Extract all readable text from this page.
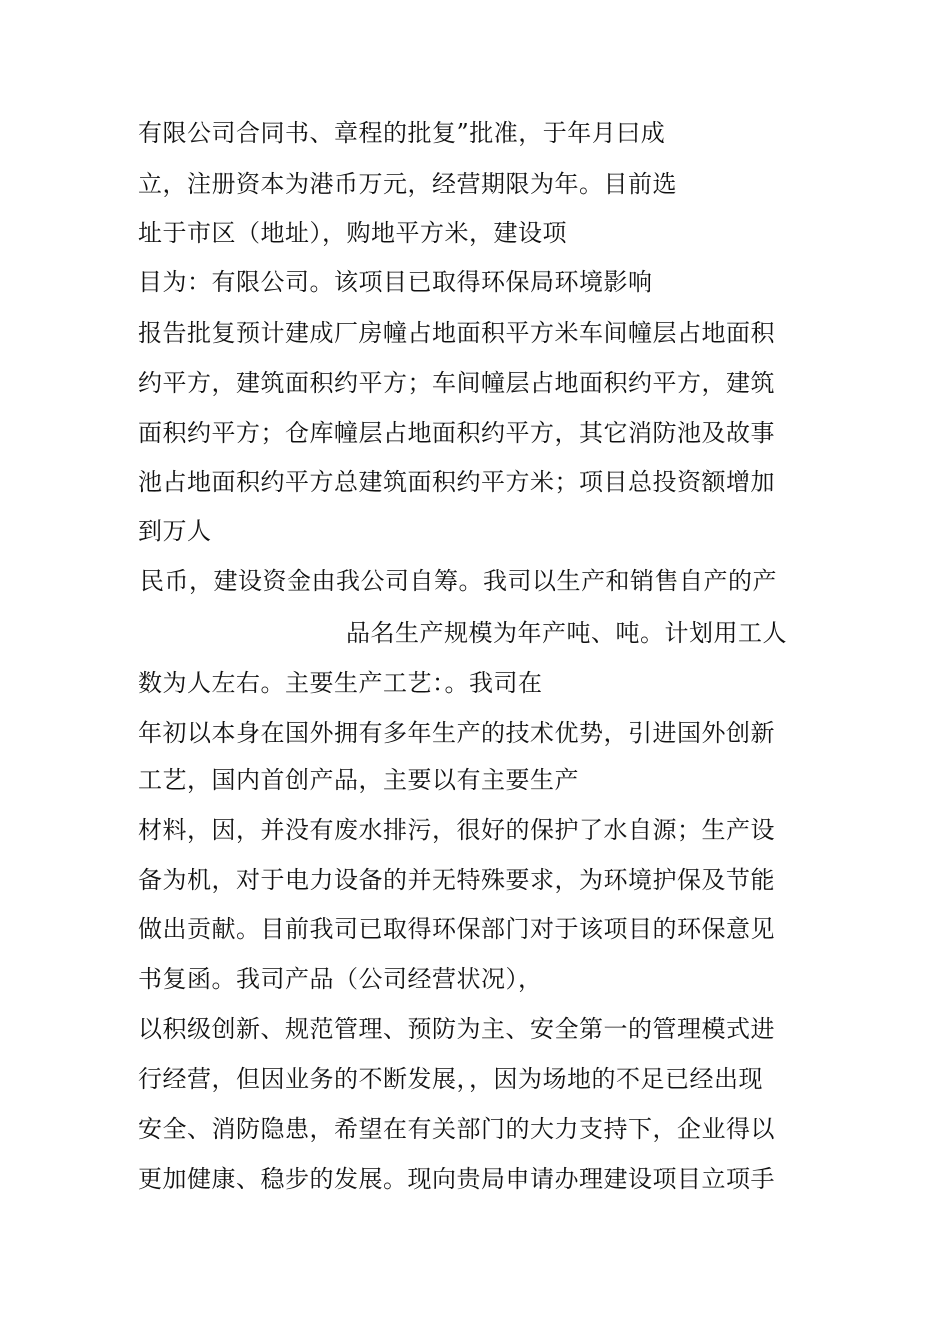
有限公司合同书、章程的批复”批准，于年月曰成
立，注册资本为港币万元，经营期限为年。目前选
址于市区（地址），购地平方米，建设项
目为：有限公司。该项目已取得环保局环境影响
报告批复预计建成厂房幢占地面积平方米车间幢层占地面积
约平方，建筑面积约平方；车间幢层占地面积约平方，建筑
面积约平方；仓库幢层占地面积约平方，其它消防池及故事
池占地面积约平方总建筑面积约平方米；项目总投资额增加
到万人
民币，建设资金由我公司自筹。我司以生产和销售自产的产
品名生产规模为年产吨、吨。计划用工人
数为人左右。主要生产工艺：。我司在
年初以本身在国外拥有多年生产的技术优势，引进国外创新
工艺，国内首创产品，主要以有主要生产
材料，因，并没有废水排污，很好的保护了水自源；生产设
备为机，对于电力设备的并无特殊要求，为环境护保及节能
做出贡献。目前我司已取得环保部门对于该项目的环保意见
书复函。我司产品（公司经营状况），
以积级创新、规范管理、预防为主、安全第一的管理模式进
行经营，但因业务的不断发展，，因为场地的不足已经出现
安全、消防隐患，希望在有关部门的大力支持下，企业得以
更加健康、稳步的发展。现向贵局申请办理建设项目立项手
